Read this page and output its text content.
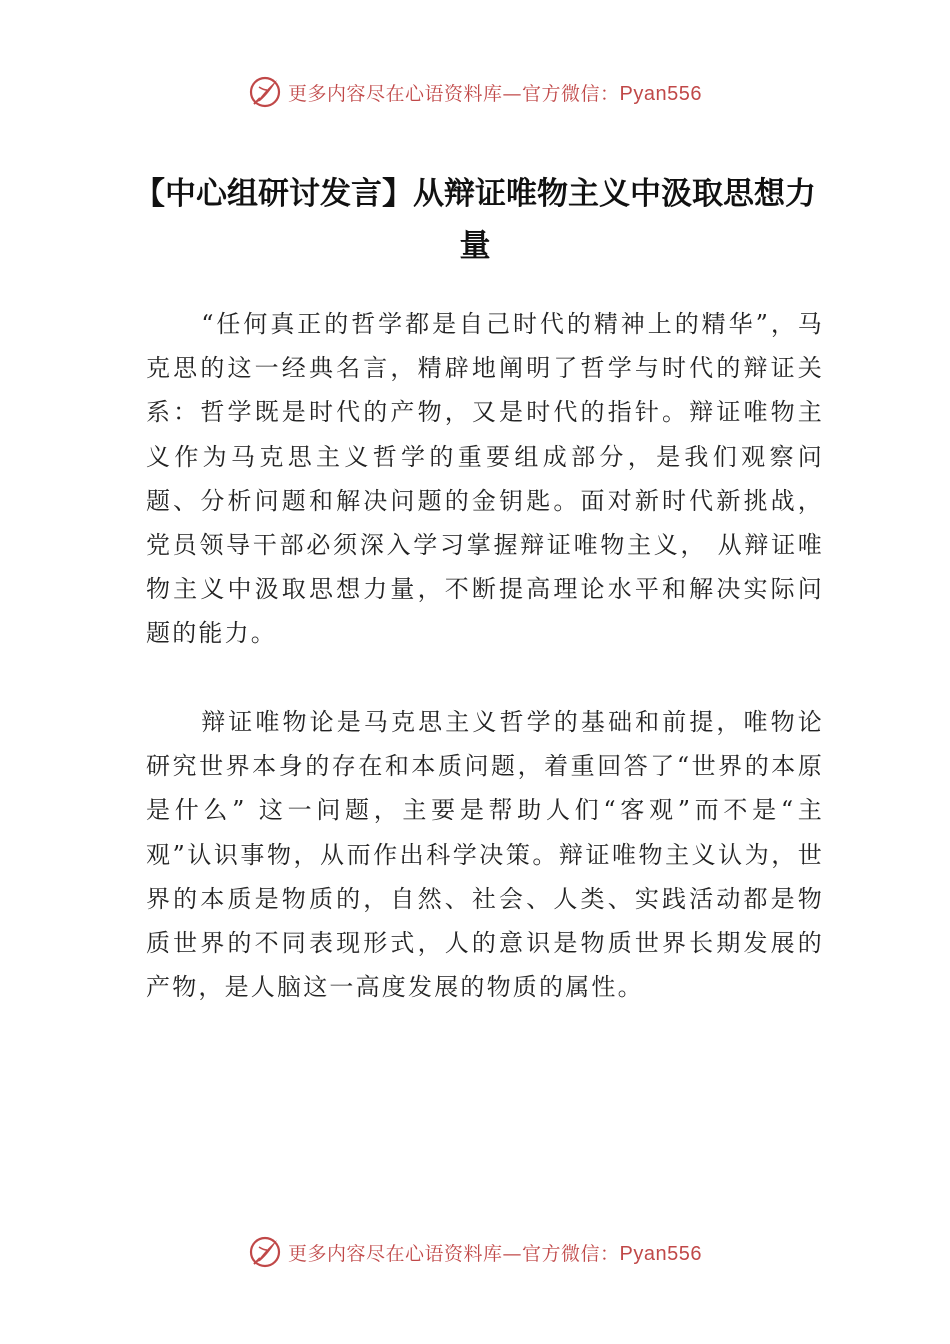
更多内容尽在心语资料库—官方微信：Pyan556
【中心组研讨发言】从辩证唯物主义中汲取思想力量

“任何真正的哲学都是自己时代的精神上的精华”，马克思的这一经典名言，精辟地阐明了哲学与时代的辩证关系：哲学既是时代的产物，又是时代的指针。辩证唯物主义作为马克思主义哲学的重要组成部分，是我们观察问题、分析问题和解决问题的金钥匙。面对新时代新挑战，党员领导干部必须深入学习掌握辩证唯物主义， 从辩证唯物主义中汲取思想力量，不断提高理论水平和解决实际问题的能力。

辩证唯物论是马克思主义哲学的基础和前提，唯物论研究世界本身的存在和本质问题，着重回答了“世界的本原是什么” 这一问题，主要是帮助人们“客观”而不是“主观”认识事物，从而作出科学决策。辩证唯物主义认为，世界的本质是物质的，自然、社会、人类、实践活动都是物质世界的不同表现形式，人的意识是物质世界长期发展的产物，是人脑这一高度发展的物质的属性。

更多内容尽在心语资料库—官方微信：Pyan556
